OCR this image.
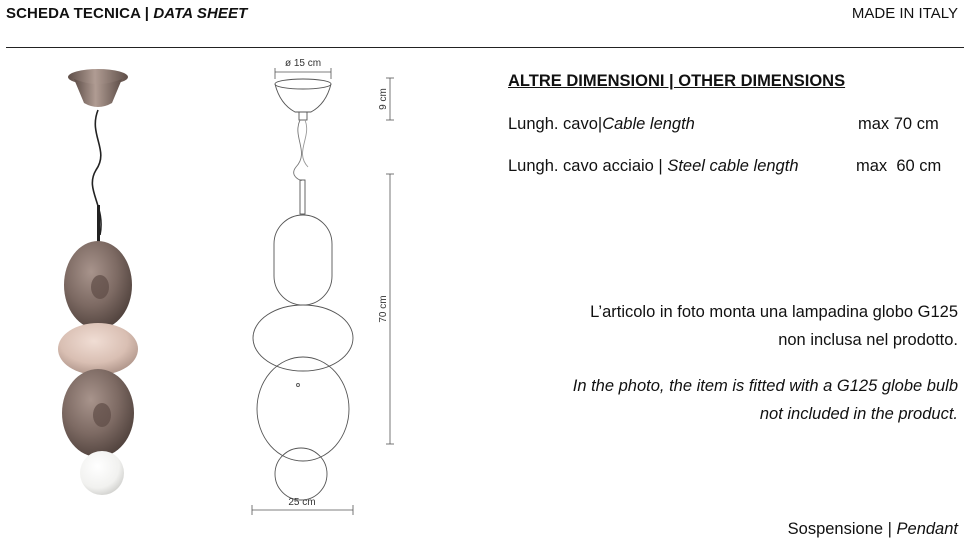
SCHEDA TECNICA | DATA SHEET	MADE IN ITALY
ø 15 cm
9 cm
70 cm
25 cm
ALTRE DIMENSIONI | OTHER DIMENSIONS
Lungh. cavo|Cable length	max 70 cm
Lungh. cavo acciaio | Steel cable length	max  60 cm
L’articolo in foto monta una lampadina globo G125
non inclusa nel prodotto.
In the photo, the item is fitted with a G125 globe bulb
not included in the product.
Sospensione | Pendant
